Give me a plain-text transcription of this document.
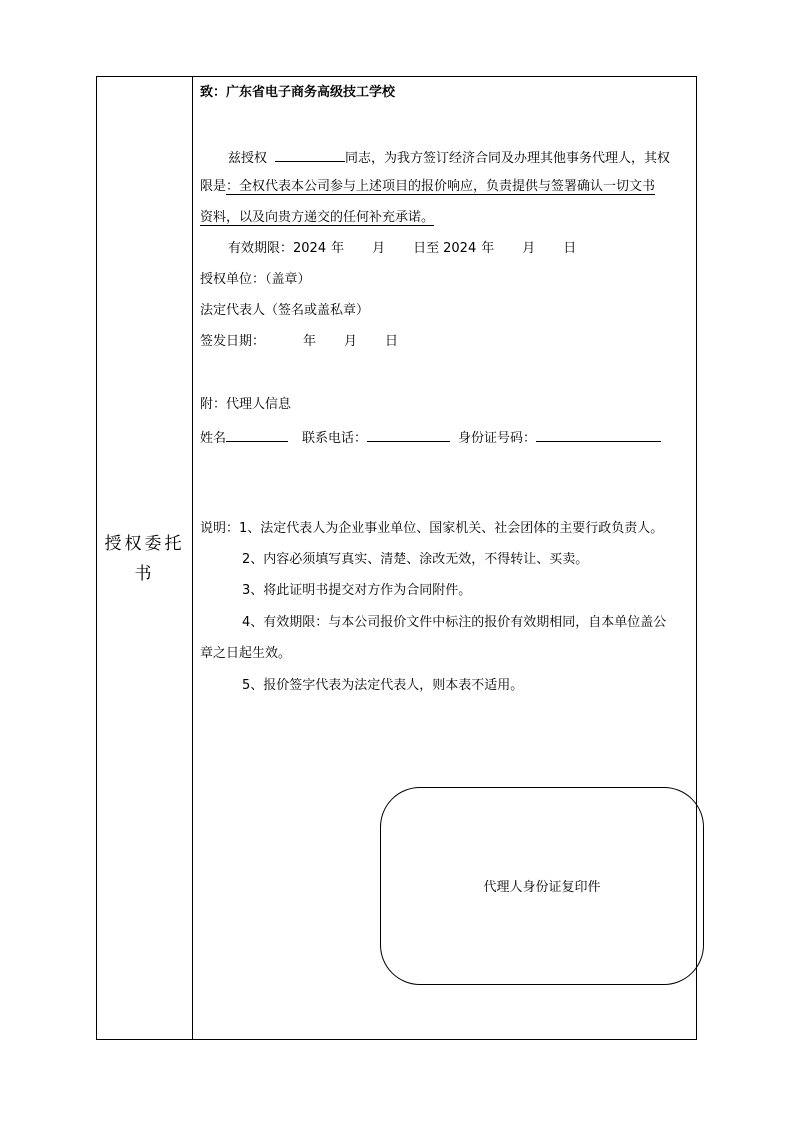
授权委托
书
致：广东省电子商务高级技工学校
兹授权	同志，为我方签订经济合同及办理其他事务代理人，其权
限是：全权代表本公司参与上述项目的报价响应，负责提供与签署确认一切文书
资料，以及向贵方递交的任何补充承诺。
有效期限：2024 年 月 日至 2024 年 月 日
授权单位：（盖章）
法定代表人（签名或盖私章）
签发日期：	年 月 日
附：代理人信息
姓名	联系电话：	身份证号码：
说明：1、法定代表人为企业事业单位、国家机关、社会团体的主要行政负责人。
2、内容必须填写真实、清楚、涂改无效，不得转让、买卖。
3、将此证明书提交对方作为合同附件。
4、有效期限：与本公司报价文件中标注的报价有效期相同，自本单位盖公
章之日起生效。
5、报价签字代表为法定代表人，则本表不适用。
代理人身份证复印件
